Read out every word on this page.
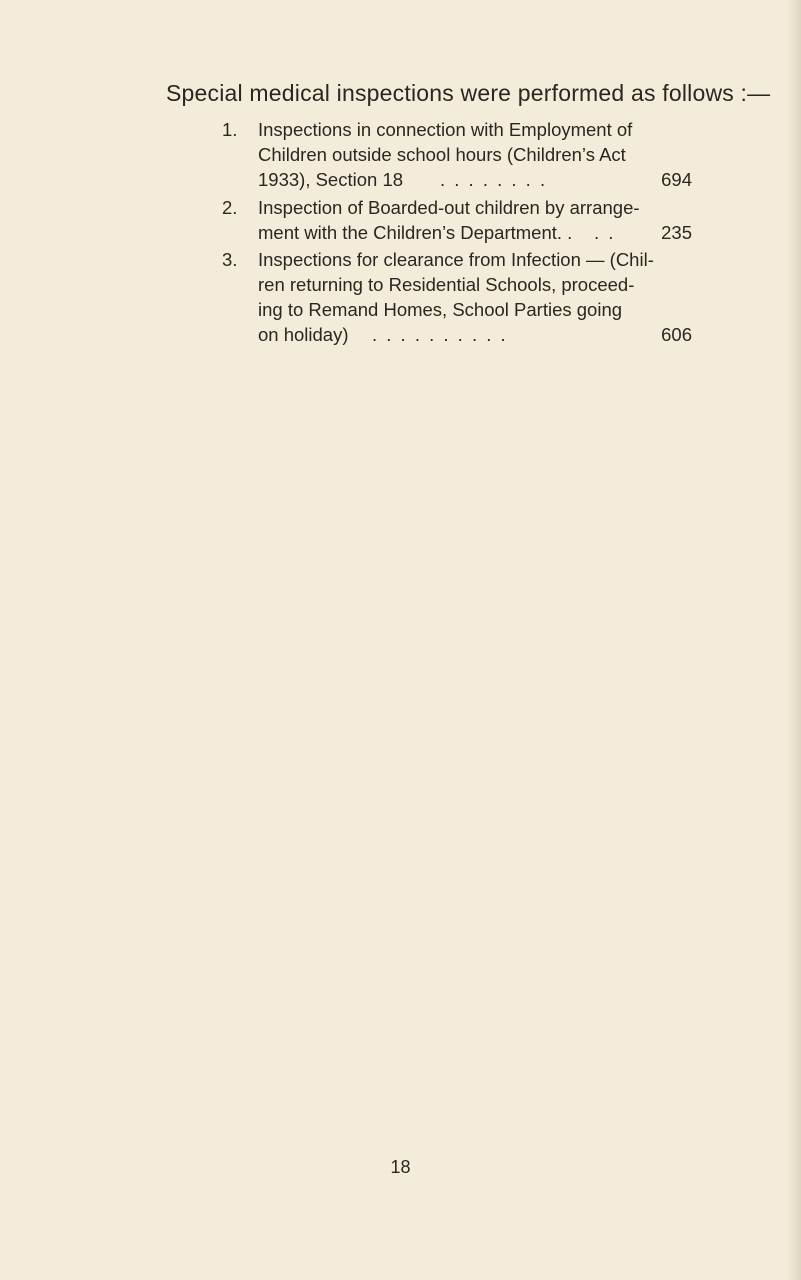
Special medical inspections were performed as follows :—
1.	Inspections in connection with Employment of
Children outside school hours (Children’s Act
1933), Section 18 . . . . . . . .	694
2.	Inspection of Boarded-out children by arrange-
ment with the Children’s Department. . . . 235
3.	Inspections for clearance from Infection — (Chil-
ren returning to Residential Schools, proceed-
ing to Remand Homes, School Parties going
on holiday) . . . . . . . . . .	606
18
